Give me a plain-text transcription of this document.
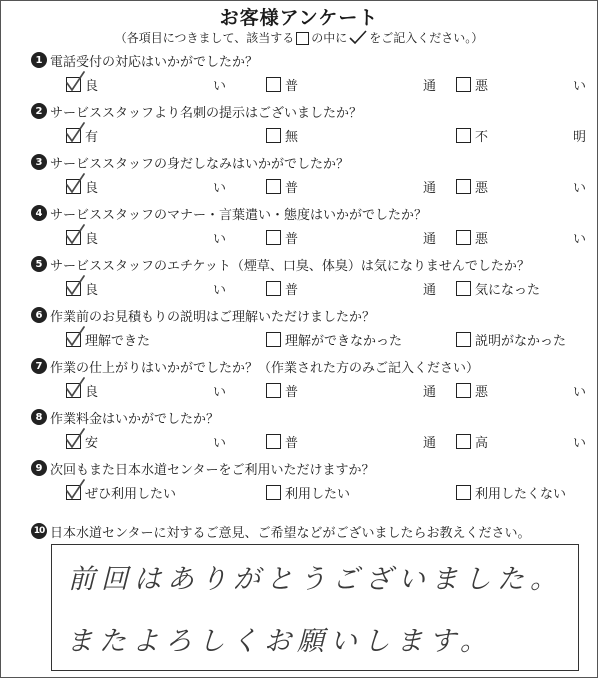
お客様アンケート
（各項目につきまして、該当する の中に をご記入ください。）
1 電話受付の対応はいかがでしたか？
良　　い	普　　通	悪　　い
2 サービススタッフより名刺の提示はございましたか？
有	無	不　　明
3 サービススタッフの身だしなみはいかがでしたか？
良　　い	普　　通	悪　　い
4 サービススタッフのマナー・言葉遣い・態度はいかがでしたか？
良　　い	普　　通	悪　　い
5 サービススタッフのエチケット（煙草、口臭、体臭）は気になりませんでしたか？
良　　い	普　　通	気になった
6 作業前のお見積もりの説明はご理解いただけましたか？
理解できた	理解ができなかった	説明がなかった
7 作業の仕上がりはいかがでしたか？（作業された方のみご記入ください）
良　　い	普　　通	悪　　い
8 作業料金はいかがでしたか？
安　　い	普　　通	高　　い
9 次回もまた日本水道センターをご利用いただけますか？
ぜひ利用したい	利用したい	利用したくない
10 日本水道センターに対するご意見、ご希望などがございましたらお教えください。
前回はありがとうございました。
またよろしくお願いします。
